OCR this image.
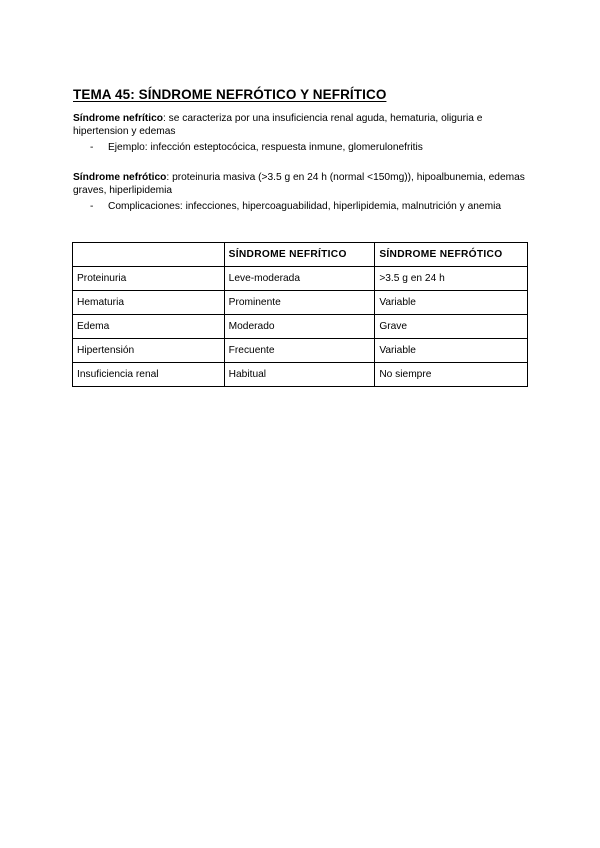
TEMA 45: SÍNDROME NEFRÓTICO Y NEFRÍTICO
Síndrome nefrítico: se caracteriza por una insuficiencia renal aguda, hematuria, oliguria e hipertension y edemas
- Ejemplo: infección esteptocócica, respuesta inmune, glomerulonefritis
Síndrome nefrótico: proteinuria masiva (>3.5 g en 24 h (normal <150mg)), hipoalbunemia, edemas graves, hiperlipidemia
- Complicaciones: infecciones, hipercoaguabilidad, hiperlipidemia, malnutrición y anemia
	SÍNDROME NEFRÍTICO	SÍNDROME NEFRÓTICO
Proteinuria	Leve-moderada	>3.5 g en 24 h
Hematuria	Prominente	Variable
Edema	Moderado	Grave
Hipertensión	Frecuente	Variable
Insuficiencia renal	Habitual	No siempre
